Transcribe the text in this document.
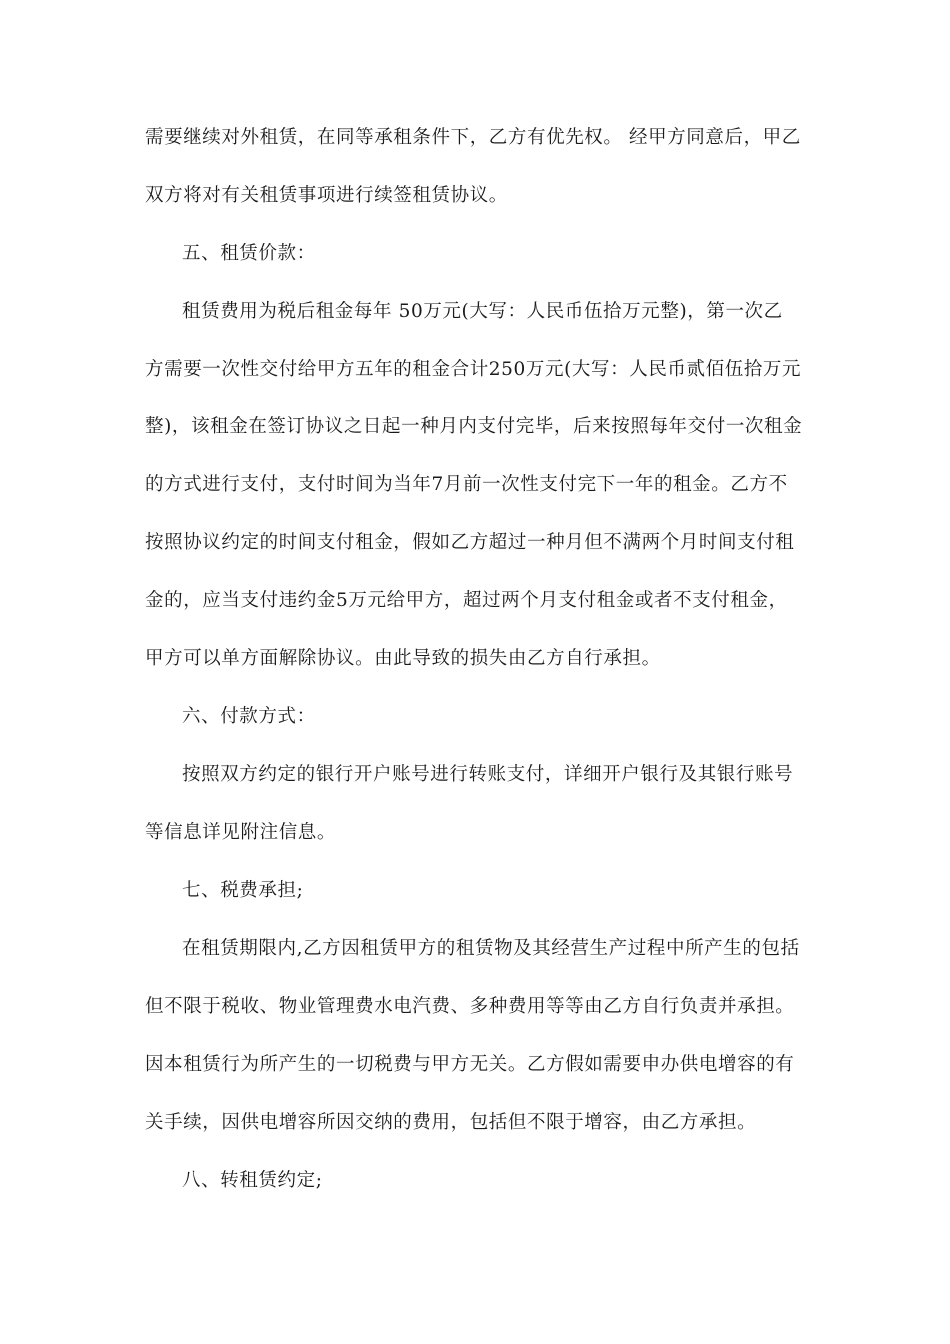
需要继续对外租赁，在同等承租条件下，乙方有优先权。 经甲方同意后，甲乙
双方将对有关租赁事项进行续签租赁协议。
五、租赁价款：
租赁费用为税后租金每年 50万元(大写：人民币伍拾万元整)，第一次乙
方需要一次性交付给甲方五年的租金合计250万元(大写：人民币贰佰伍拾万元
整)，该租金在签订协议之日起一种月内支付完毕，后来按照每年交付一次租金
的方式进行支付，支付时间为当年7月前一次性支付完下一年的租金。乙方不
按照协议约定的时间支付租金，假如乙方超过一种月但不满两个月时间支付租
金的，应当支付违约金5万元给甲方，超过两个月支付租金或者不支付租金，
甲方可以单方面解除协议。由此导致的损失由乙方自行承担。
六、付款方式：
按照双方约定的银行开户账号进行转账支付，详细开户银行及其银行账号
等信息详见附注信息。
七、税费承担;
在租赁期限内,乙方因租赁甲方的租赁物及其经营生产过程中所产生的包括
但不限于税收、物业管理费水电汽费、多种费用等等由乙方自行负责并承担。
因本租赁行为所产生的一切税费与甲方无关。乙方假如需要申办供电增容的有
关手续，因供电增容所因交纳的费用，包括但不限于增容，由乙方承担。
八、转租赁约定;
